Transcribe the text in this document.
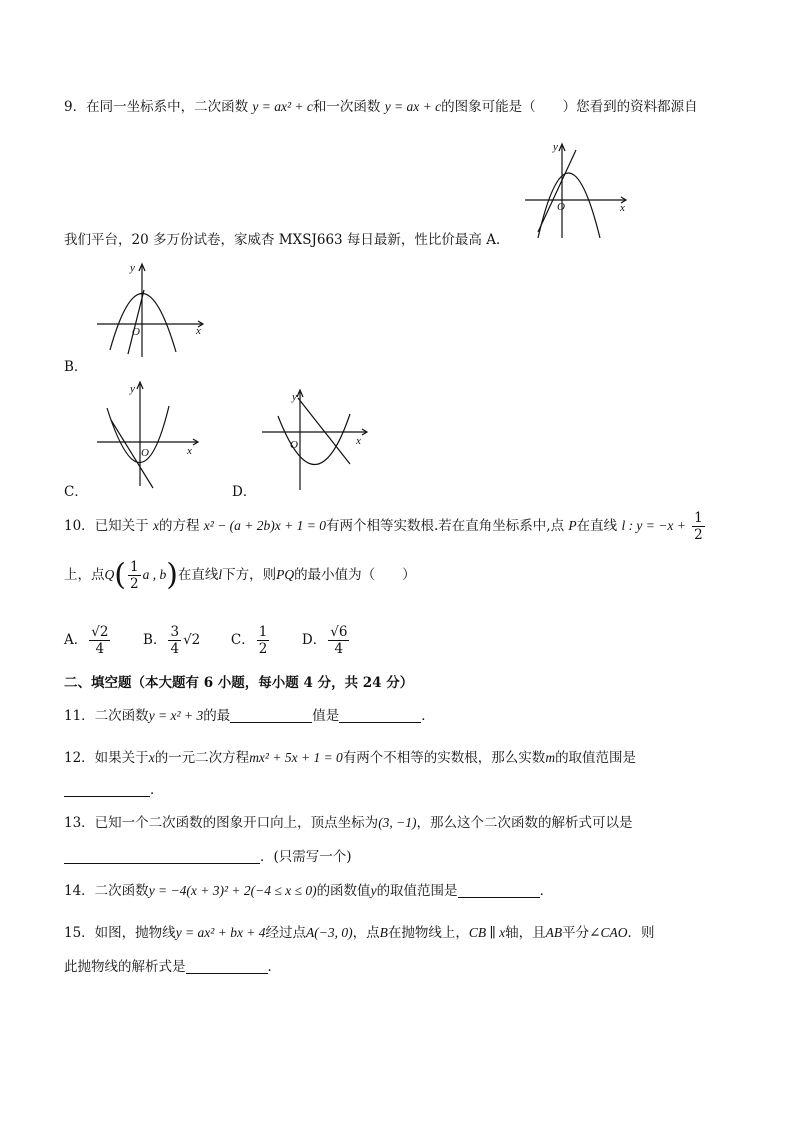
9．在同一坐标系中，二次函数 y = ax² + c和一次函数 y = ax + c的图象可能是（　　）您看到的资料都源自
y
x
O
我们平台，20 多万份试卷，家威杏 MXSJ663 每日最新，性比价最高 A．
y
x
O
B．
y
x
O
C．
y
x
O
D．
10．已知关于 x的方程 x² − (a + 2b)x + 1 = 0有两个相等实数根.若在直角坐标系中,点 P在直线 l : $y = -x + \frac{1}{2}$
上，点$Q( \frac{1}{2}$ a , b)在直线l下方，则PQ的最小值为（　　）
A． $\frac{√2}{4}$ B． $\frac{3}{4} √2$ C． $\frac{1}{2}$ D． $\frac{√6}{4}$
二、填空题（本大题有 6 小题，每小题 4 分，共 24 分）
11．二次函数y = x² + 3的最	值是	．
12．如果关于x的一元二次方程mx² + 5x + 1 = 0有两个不相等的实数根，那么实数m的取值范围是
．
13．已知一个二次函数的图象开口向上，顶点坐标为(3, −1)，那么这个二次函数的解析式可以是
．(只需写一个)
14．二次函数y = −4(x + 3)² + 2(−4 ≤ x ≤ 0)的函数值y的取值范围是	．
15．如图，抛物线y = ax² + bx + 4经过点A(−3, 0)，点B在抛物线上，CB ∥ x轴，且AB平分∠CAO．则
此抛物线的解析式是	．
